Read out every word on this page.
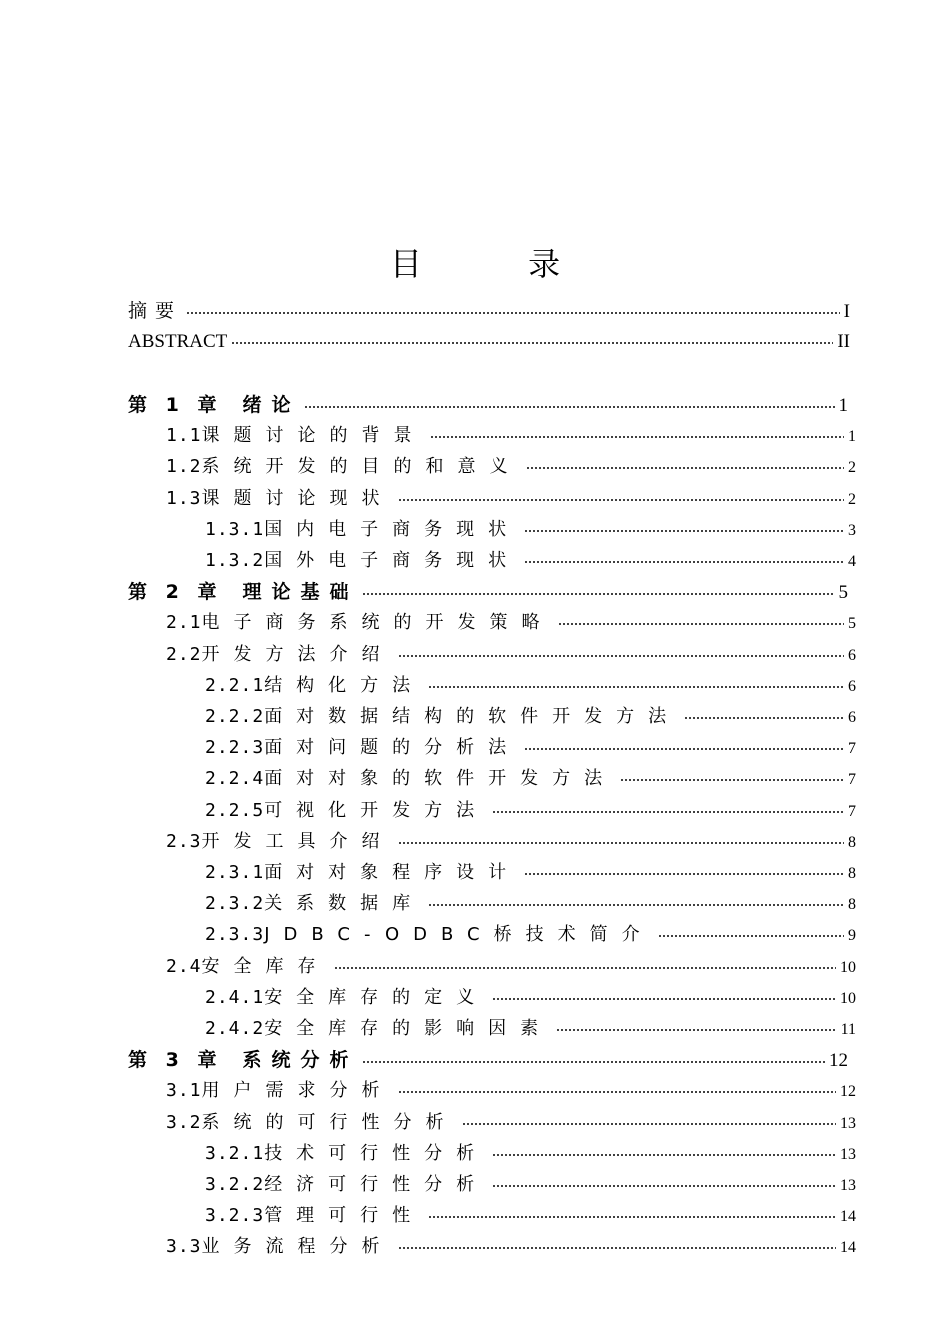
目 录
摘要	I
ABSTRACT	II
第 1 章 绪论	1
1.1课题讨论的背景	1
1.2系统开发的目的和意义	2
1.3课题讨论现状	2
1.3.1国内电子商务现状	3
1.3.2国外电子商务现状	4
第 2 章 理论基础	5
2.1电子商务系统的开发策略	5
2.2开发方法介绍	6
2.2.1结构化方法	6
2.2.2面对数据结构的软件开发方法	6
2.2.3面对问题的分析法	7
2.2.4面对对象的软件开发方法	7
2.2.5可视化开发方法	7
2.3开发工具介绍	8
2.3.1面对对象程序设计	8
2.3.2关系数据库	8
2.3.3JDBC-ODBC桥技术简介	9
2.4安全库存	10
2.4.1安全库存的定义	10
2.4.2安全库存的影响因素	11
第 3 章 系统分析	12
3.1用户需求分析	12
3.2系统的可行性分析	13
3.2.1技术可行性分析	13
3.2.2经济可行性分析	13
3.2.3管理可行性	14
3.3业务流程分析	14
